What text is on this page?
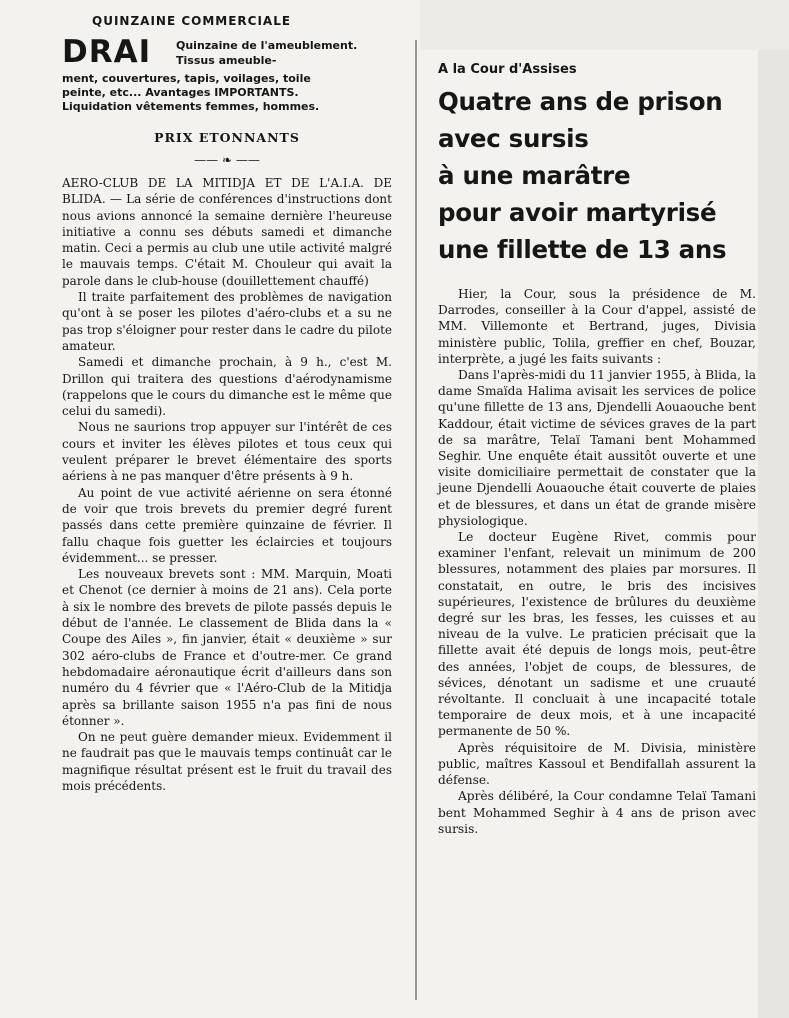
QUINZAINE COMMERCIALE
DRAI Quinzaine de l'ameublement. Tissus ameuble-
ment, couvertures, tapis, voilages, toile
peinte, etc... Avantages IMPORTANTS.
Liquidation vêtements femmes, hommes.
PRIX ETONNANTS
—— ❧ ——

AERO-CLUB DE LA MITIDJA ET DE L'A.I.A. DE BLIDA. — La série de conférences d'instructions dont nous avions annoncé la semaine dernière l'heureuse initiative a connu ses débuts samedi et dimanche matin. Ceci a permis au club une utile activité malgré le mauvais temps. C'était M. Chouleur qui avait la parole dans le club-house (douillettement chauffé)

Il traite parfaitement des problèmes de navigation qu'ont à se poser les pilotes d'aéro-clubs et a su ne pas trop s'éloigner pour rester dans le cadre du pilote amateur.

Samedi et dimanche prochain, à 9 h., c'est M. Drillon qui traitera des questions d'aérodynamisme (rappelons que le cours du dimanche est le même que celui du samedi).

Nous ne saurions trop appuyer sur l'intérêt de ces cours et inviter les élèves pilotes et tous ceux qui veulent préparer le brevet élémentaire des sports aériens à ne pas manquer d'être présents à 9 h.

Au point de vue activité aérienne on sera étonné de voir que trois brevets du premier degré furent passés dans cette première quinzaine de février. Il fallu chaque fois guetter les éclaircies et toujours évidemment... se presser.

Les nouveaux brevets sont : MM. Marquin, Moati et Chenot (ce dernier à moins de 21 ans). Cela porte à six le nombre des brevets de pilote passés depuis le début de l'année. Le classement de Blida dans la « Coupe des Ailes », fin janvier, était « deuxième » sur 302 aéro-clubs de France et d'outre-mer. Ce grand hebdomadaire aéronautique écrit d'ailleurs dans son numéro du 4 février que « l'Aéro-Club de la Mitidja après sa brillante saison 1955 n'a pas fini de nous étonner ».

On ne peut guère demander mieux. Evidemment il ne faudrait pas que le mauvais temps continuât car le magnifique résultat présent est le fruit du travail des mois précédents.

A la Cour d'Assises
Quatre ans de prison
avec sursis
à une marâtre
pour avoir martyrisé
une fillette de 13 ans

Hier, la Cour, sous la présidence de M. Darrodes, conseiller à la Cour d'appel, assisté de MM. Villemonte et Bertrand, juges, Divisia ministère public, Tolila, greffier en chef, Bouzar, interprète, a jugé les faits suivants :

Dans l'après-midi du 11 janvier 1955, à Blida, la dame Smaïda Halima avisait les services de police qu'une fillette de 13 ans, Djendelli Aouaouche bent Kaddour, était victime de sévices graves de la part de sa marâtre, Telaï Tamani bent Mohammed Seghir. Une enquête était aussitôt ouverte et une visite domiciliaire permettait de constater que la jeune Djendelli Aouaouche était couverte de plaies et de blessures, et dans un état de grande misère physiologique.

Le docteur Eugène Rivet, commis pour examiner l'enfant, relevait un minimum de 200 blessures, notamment des plaies par morsures. Il constatait, en outre, le bris des incisives supérieures, l'existence de brûlures du deuxième degré sur les bras, les fesses, les cuisses et au niveau de la vulve. Le praticien précisait que la fillette avait été depuis de longs mois, peut-être des années, l'objet de coups, de blessures, de sévices, dénotant un sadisme et une cruauté révoltante. Il concluait à une incapacité totale temporaire de deux mois, et à une incapacité permanente de 50 %.

Après réquisitoire de M. Divisia, ministère public, maîtres Kassoul et Bendifallah assurent la défense.

Après délibéré, la Cour condamne Telaï Tamani bent Mohammed Seghir à 4 ans de prison avec sursis.
